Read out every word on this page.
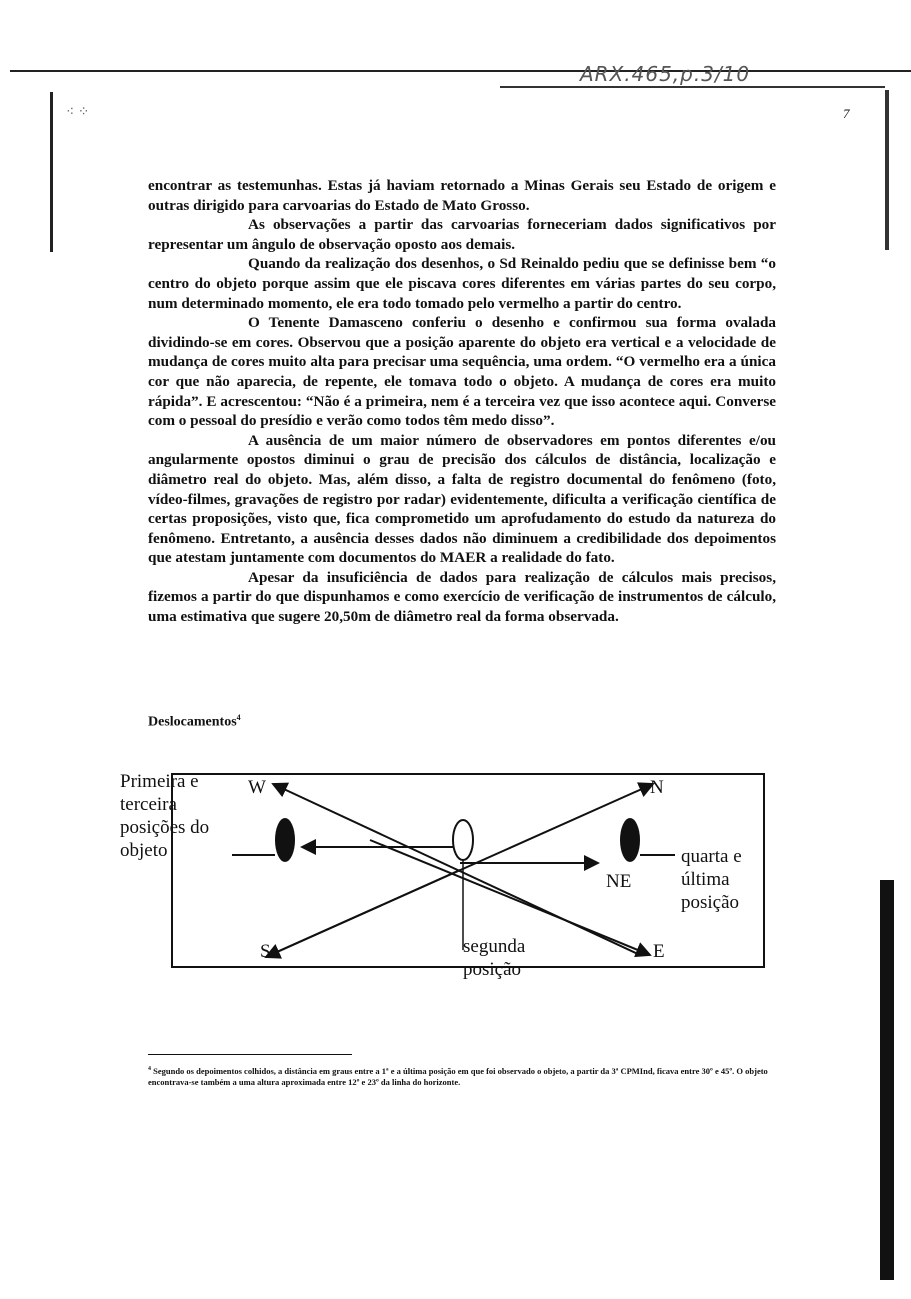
ARX.465,p.3/10
7
⁖ ⁘

encontrar as testemunhas. Estas já haviam retornado a Minas Gerais seu Estado de origem e outras dirigido para carvoarias do Estado de Mato Grosso.

As observações a partir das carvoarias forneceriam dados significativos por representar um ângulo de observação oposto aos demais.

Quando da realização dos desenhos, o Sd Reinaldo pediu que se definisse bem “o centro do objeto porque assim que ele piscava cores diferentes em várias partes do seu corpo, num determinado momento, ele era todo tomado pelo vermelho a partir do centro.

O Tenente Damasceno conferiu o desenho e confirmou sua forma ovalada dividindo-se em cores. Observou que a posição aparente do objeto era vertical e a velocidade de mudança de cores muito alta para precisar uma sequência, uma ordem. “O vermelho era a única cor que não aparecia, de repente, ele tomava todo o objeto. A mudança de cores era muito rápida”. E acrescentou: “Não é a primeira, nem é a terceira vez que isso acontece aqui. Converse com o pessoal do presídio e verão como todos têm medo disso”.

A ausência de um maior número de observadores em pontos diferentes e/ou angularmente opostos diminui o grau de precisão dos cálculos de distância, localização e diâmetro real do objeto. Mas, além disso, a falta de registro documental do fenômeno (foto, vídeo-filmes, gravações de registro por radar) evidentemente, dificulta a verificação científica de certas proposições, visto que, fica comprometido um aprofudamento do estudo da natureza do fenômeno. Entretanto, a ausência desses dados não diminuem a credibilidade dos depoimentos que atestam juntamente com documentos do MAER a realidade do fato.

Apesar da insuficiência de dados para realização de cálculos mais precisos, fizemos a partir do que dispunhamos e como exercício de verificação de instrumentos de cálculo, uma estimativa que sugere 20,50m de diâmetro real da forma observada.

Deslocamentos$^4$
Primeira e
terceira
posições do
objeto
segunda
posição
quarta e
última
posição
W	N
S	E
NE
$^4$ Segundo os depoimentos colhidos, a distância em graus entre a 1ª e a última posição em que foi observado o objeto, a partir da 3ª CPMInd, ficava entre 30º e 45º. O objeto encontrava-se também a uma altura aproximada entre 12º e 23º da linha do horizonte.
